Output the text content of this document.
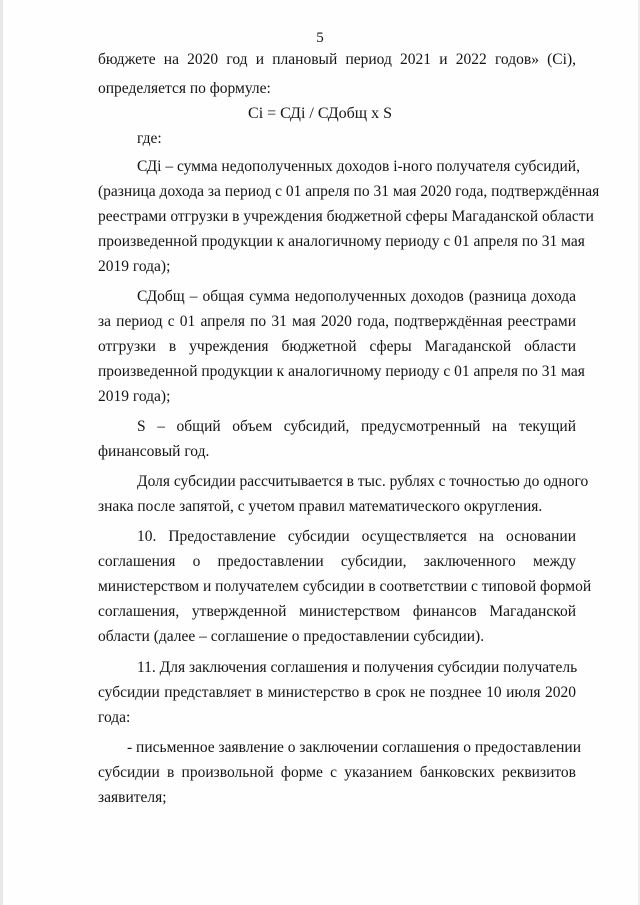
5
бюджете на 2020 год и плановый период 2021 и 2022 годов» (Ci),
определяется по формуле:
Ci = СДi / СДобщ x S
где:
СДi – сумма недополученных доходов i-ного получателя субсидий,
(разница дохода за период с 01 апреля по 31 мая 2020 года, подтверждённая
реестрами отгрузки в учреждения бюджетной сферы Магаданской области
произведенной продукции к аналогичному периоду с 01 апреля по 31 мая
2019 года);
СДобщ – общая сумма недополученных доходов (разница дохода
за период с 01 апреля по 31 мая 2020 года, подтверждённая реестрами
отгрузки в учреждения бюджетной сферы Магаданской области
произведенной продукции к аналогичному периоду с 01 апреля по 31 мая
2019 года);
S – общий объем субсидий, предусмотренный на текущий
финансовый год.
Доля субсидии рассчитывается в тыс. рублях с точностью до одного
знака после запятой, с учетом правил математического округления.
10. Предоставление субсидии осуществляется на основании
соглашения о предоставлении субсидии, заключенного между
министерством и получателем субсидии в соответствии с типовой формой
соглашения, утвержденной министерством финансов Магаданской
области (далее – соглашение о предоставлении субсидии).
11. Для заключения соглашения и получения субсидии получатель
субсидии представляет в министерство в срок не позднее 10 июля 2020
года:
- письменное заявление о заключении соглашения о предоставлении
субсидии в произвольной форме с указанием банковских реквизитов
заявителя;
